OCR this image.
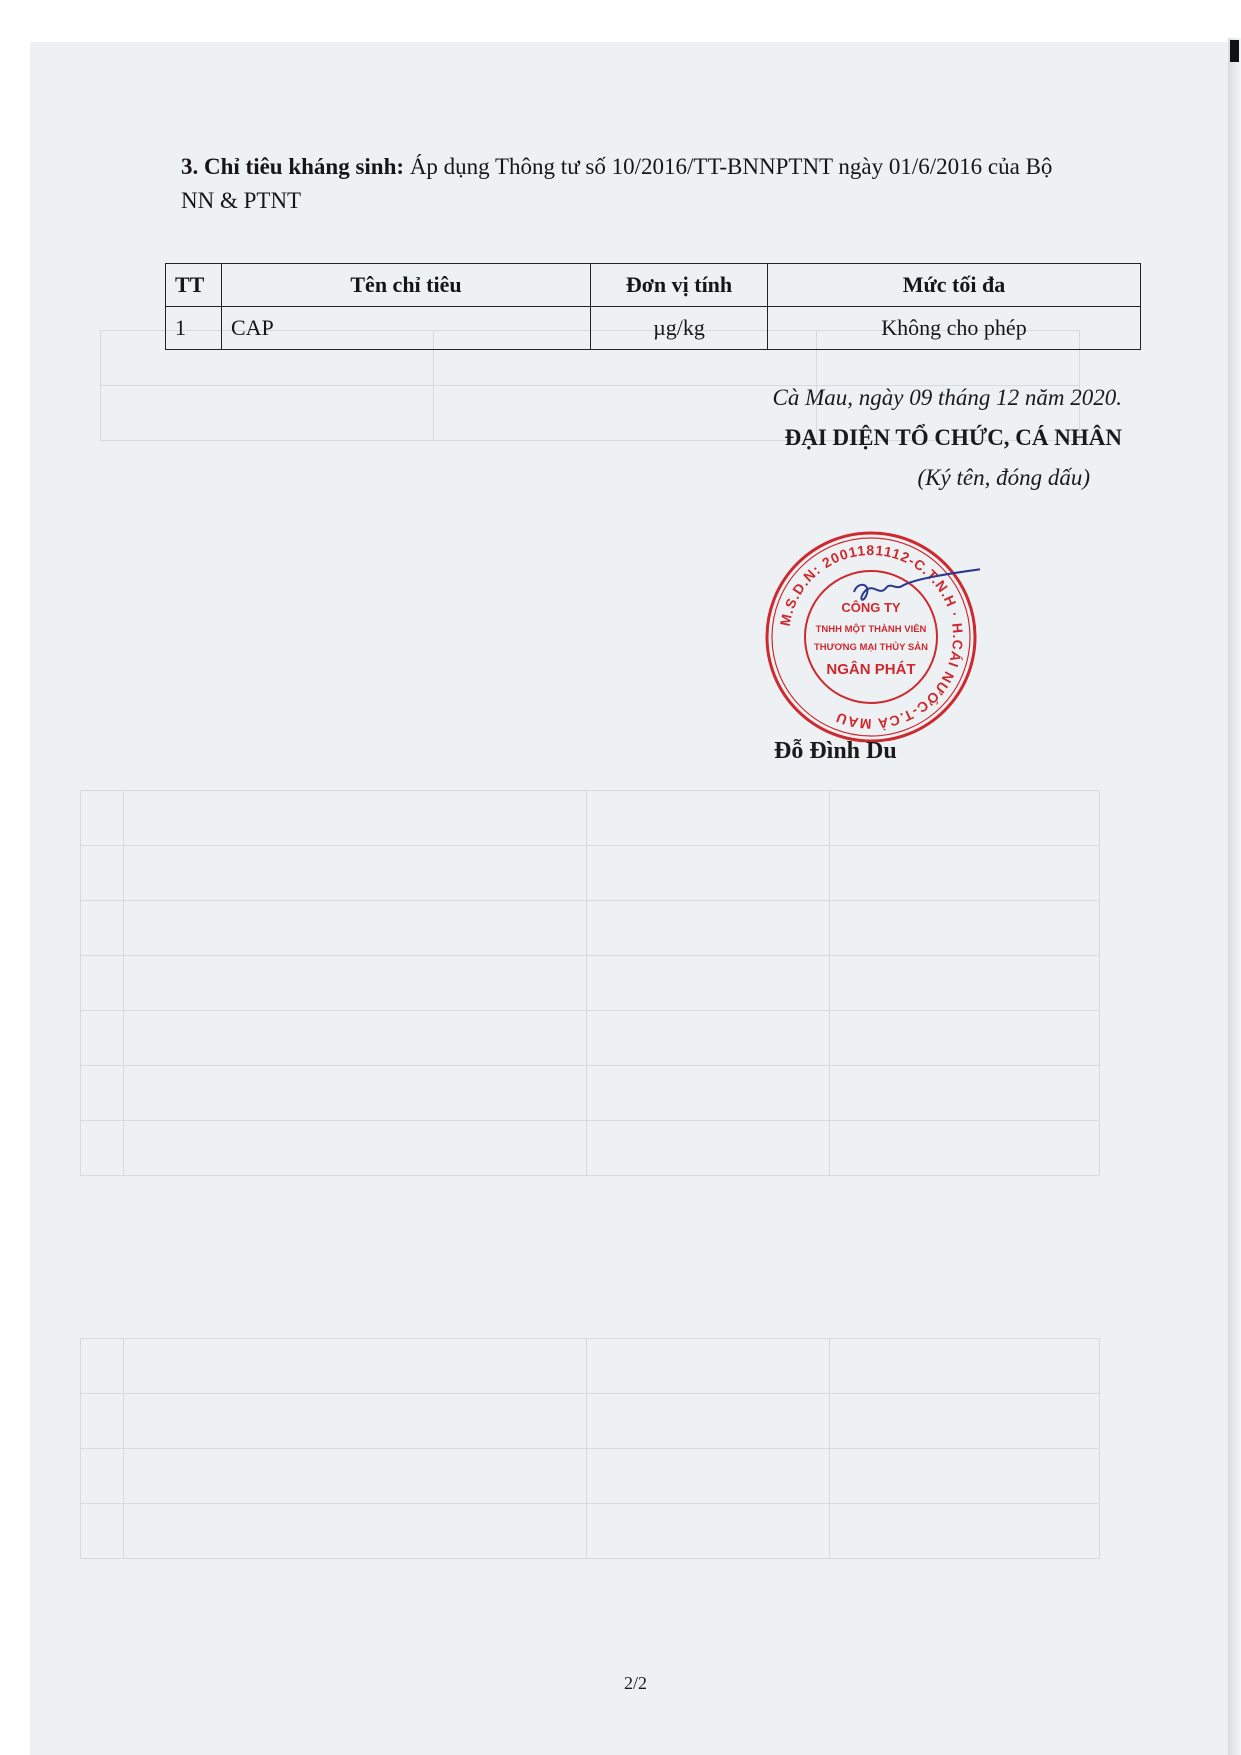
3. Chỉ tiêu kháng sinh: Áp dụng Thông tư số 10/2016/TT-BNNPTNT ngày 01/6/2016 của Bộ NN & PTNT
TT	Tên chỉ tiêu	Đơn vị tính	Mức tối đa
1	CAP	µg/kg	Không cho phép
Cà Mau, ngày 09 tháng 12 năm 2020.
ĐẠI DIỆN TỔ CHỨC, CÁ NHÂN
(Ký tên, đóng dấu)
M.S.D.N: 2001181112-C.T.N.H · H.CÁI NƯỚC-T.CÀ MAU
CÔNG TY
TNHH MỘT THÀNH VIÊN
THƯƠNG MẠI THỦY SẢN
NGÂN PHÁT
Đỗ Đình Du
2/2
